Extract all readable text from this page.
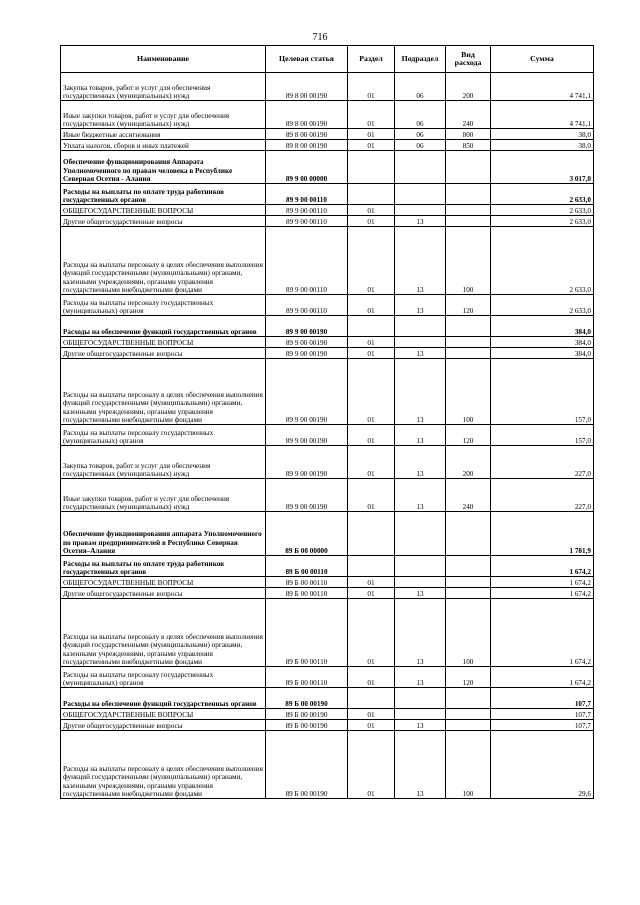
716
Наименование	Целевая статья	Раздел	Подраздел	Вид расхода	Сумма
Закупка товаров, работ и услуг для обеспечения государственных (муниципальных) нужд	89 8 00 00190	01	06	200	4 741,1
Иные закупки товаров, работ и услуг для обеспечения государственных (муниципальных) нужд	89 8 00 00190	01	06	240	4 741,1
Иные бюджетные ассигнования	89 8 00 00190	01	06	800	38,0
Уплата налогов, сборов и иных платежей	89 8 00 00190	01	06	850	38,0
Обеспечение функционирования Аппарата Уполномоченного по правам человека в Республике Северная Осетия - Алания	89 9 00 00000				3 017,0
Расходы на выплаты по оплате труда работников государственных органов	89 9 00 00110				2 633,0
ОБЩЕГОСУДАРСТВЕННЫЕ ВОПРОСЫ	89 9 00 00110	01			2 633,0
Другие общегосударственные вопросы	89 9 00 00110	01	13		2 633,0
Расходы на выплаты персоналу в целях обеспечения выполнения функций государственными (муниципальными) органами, казенными учреждениями, органами управления государственными внебюджетными фондами	89 9 00 00110	01	13	100	2 633,0
Расходы на выплаты персоналу государственных (муниципальных) органов	89 9 00 00110	01	13	120	2 633,0
Расходы на обеспечение функций государственных органов	89 9 00 00190				384,0
ОБЩЕГОСУДАРСТВЕННЫЕ ВОПРОСЫ	89 9 00 00190	01			384,0
Другие общегосударственные вопросы	89 9 00 00190	01	13		384,0
Расходы на выплаты персоналу в целях обеспечения выполнения функций государственными (муниципальными) органами, казенными учреждениями, органами управления государственными внебюджетными фондами	89 9 00 00190	01	13	100	157,0
Расходы на выплаты персоналу государственных (муниципальных) органов	89 9 00 00190	01	13	120	157,0
Закупка товаров, работ и услуг для обеспечения государственных (муниципальных) нужд	89 9 00 00190	01	13	200	227,0
Иные закупки товаров, работ и услуг для обеспечения государственных (муниципальных) нужд	89 9 00 00190	01	13	240	227,0
Обеспечение функционирования аппарата Уполномоченного по правам предпринимателей в Республике Северная Осетия–Алания	89 Б 00 00000				1 781,9
Расходы на выплаты по оплате труда работников государственных органов	89 Б 00 00110				1 674,2
ОБЩЕГОСУДАРСТВЕННЫЕ ВОПРОСЫ	89 Б 00 00110	01			1 674,2
Другие общегосударственные вопросы	89 Б 00 00110	01	13		1 674,2
Расходы на выплаты персоналу в целях обеспечения выполнения функций государственными (муниципальными) органами, казенными учреждениями, органами управления государственными внебюджетными фондами	89 Б 00 00110	01	13	100	1 674,2
Расходы на выплаты персоналу государственных (муниципальных) органов	89 Б 00 00110	01	13	120	1 674,2
Расходы на обеспечение функций государственных органов	89 Б 00 00190				107,7
ОБЩЕГОСУДАРСТВЕННЫЕ ВОПРОСЫ	89 Б 00 00190	01			107,7
Другие общегосударственные вопросы	89 Б 00 00190	01	13		107,7
Расходы на выплаты персоналу в целях обеспечения выполнения функций государственными (муниципальными) органами, казенными учреждениями, органами управления государственными внебюджетными фондами	89 Б 00 00190	01	13	100	29,6
